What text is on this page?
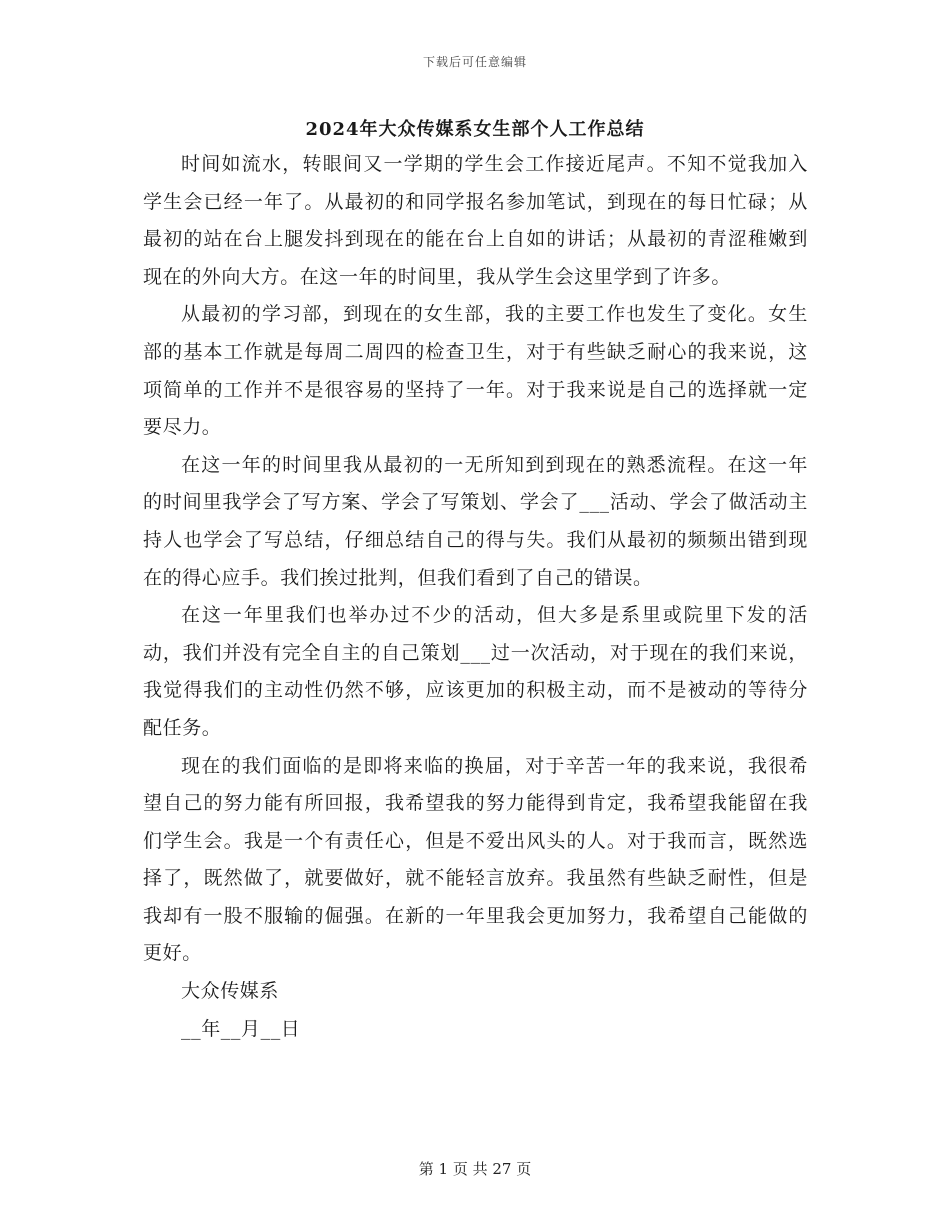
下载后可任意编辑
2024年大众传媒系女生部个人工作总结

时间如流水，转眼间又一学期的学生会工作接近尾声。不知不觉我加入学生会已经一年了。从最初的和同学报名参加笔试，到现在的每日忙碌；从最初的站在台上腿发抖到现在的能在台上自如的讲话；从最初的青涩稚嫩到现在的外向大方。在这一年的时间里，我从学生会这里学到了许多。

从最初的学习部，到现在的女生部，我的主要工作也发生了变化。女生部的基本工作就是每周二周四的检查卫生，对于有些缺乏耐心的我来说，这项简单的工作并不是很容易的坚持了一年。对于我来说是自己的选择就一定要尽力。

在这一年的时间里我从最初的一无所知到到现在的熟悉流程。在这一年的时间里我学会了写方案、学会了写策划、学会了___活动、学会了做活动主持人也学会了写总结，仔细总结自己的得与失。我们从最初的频频出错到现在的得心应手。我们挨过批判，但我们看到了自己的错误。

在这一年里我们也举办过不少的活动，但大多是系里或院里下发的活动，我们并没有完全自主的自己策划___过一次活动，对于现在的我们来说，我觉得我们的主动性仍然不够，应该更加的积极主动，而不是被动的等待分配任务。

现在的我们面临的是即将来临的换届，对于辛苦一年的我来说，我很希望自己的努力能有所回报，我希望我的努力能得到肯定，我希望我能留在我们学生会。我是一个有责任心，但是不爱出风头的人。对于我而言，既然选择了，既然做了，就要做好，就不能轻言放弃。我虽然有些缺乏耐性，但是我却有一股不服输的倔强。在新的一年里我会更加努力，我希望自己能做的更好。

大众传媒系

__年__月__日

第 1 页 共 27 页
